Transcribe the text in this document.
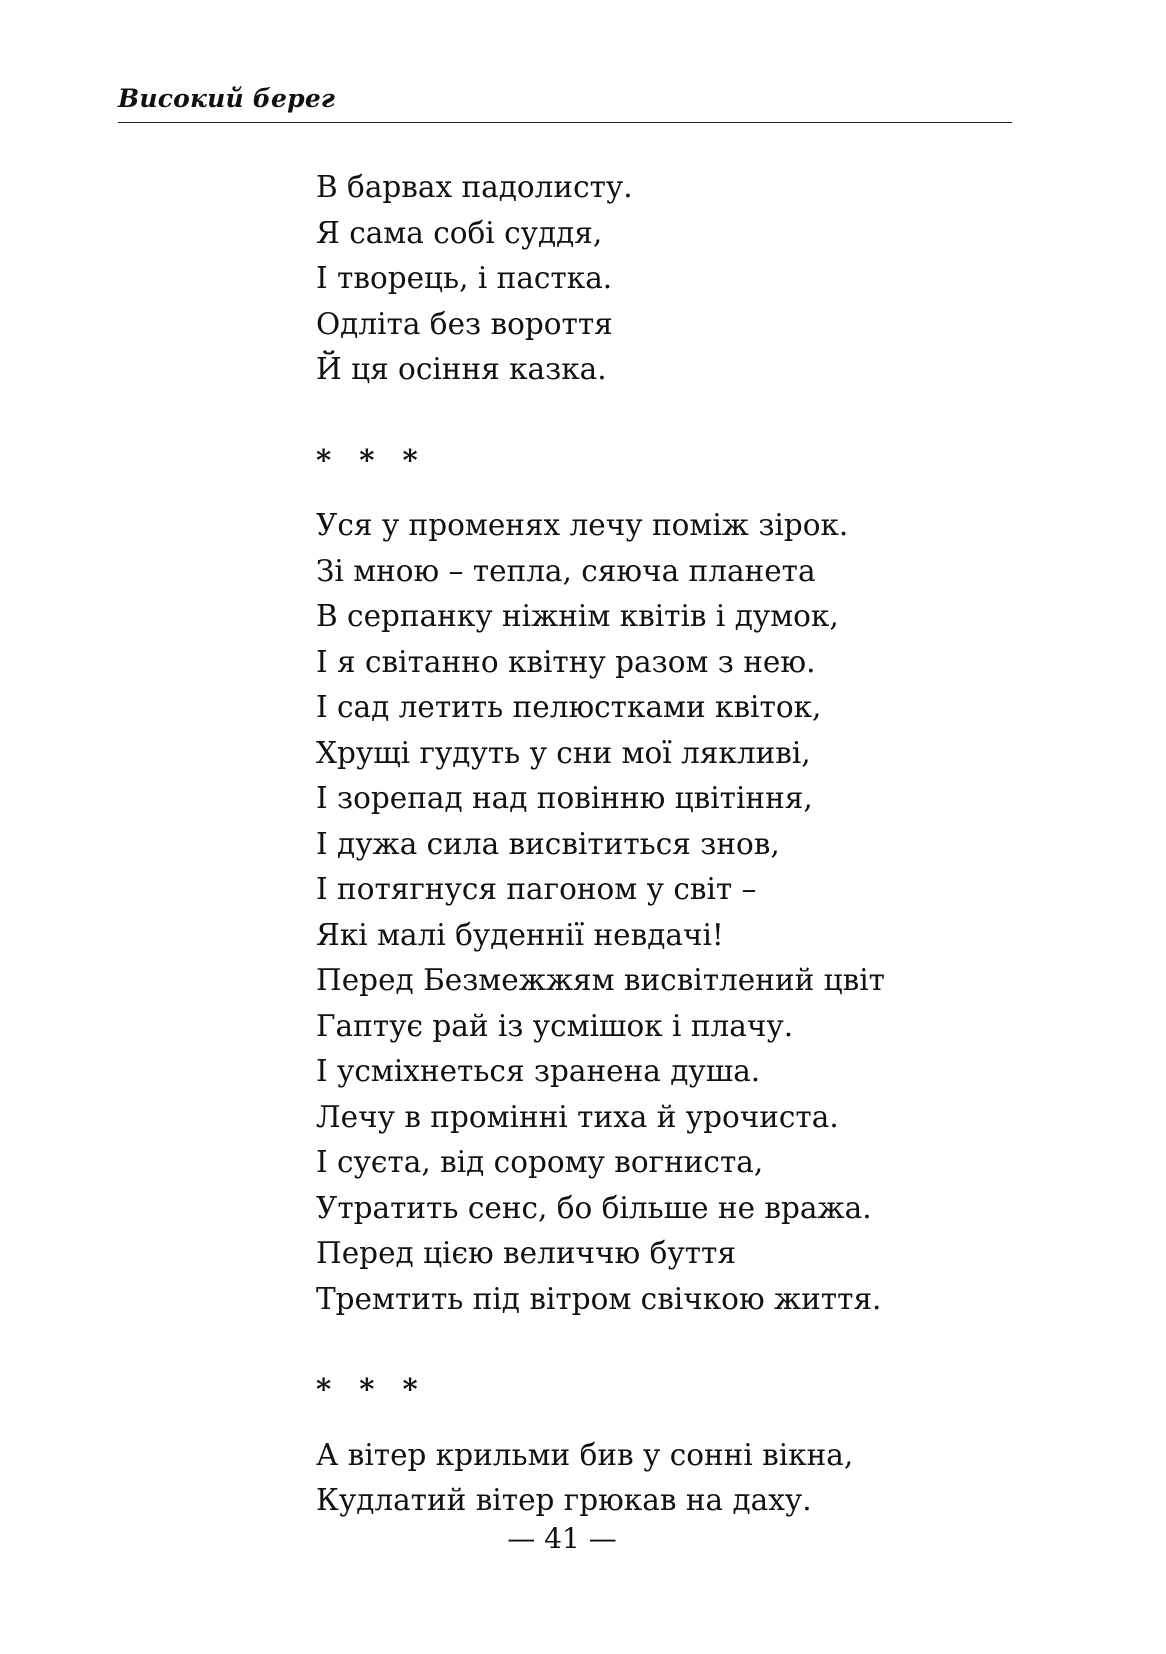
Високий берег
В барвах падолисту.
Я сама собі суддя,
І творець, і пастка.
Одліта без вороття
Й ця осіння казка.
* * *
Уся у променях лечу поміж зірок.
Зі мною – тепла, сяюча планета
В серпанку ніжнім квітів і думок,
І я світанно квітну разом з нею.
І сад летить пелюстками квіток,
Хрущі гудуть у сни мої лякливі,
І зорепад над повінню цвітіння,
І дужа сила висвітиться знов,
І потягнуся пагоном у світ –
Які малі буденнії невдачі!
Перед Безмежжям висвітлений цвіт
Гаптує рай із усмішок і плачу.
І усміхнеться зранена душа.
Лечу в промінні тиха й урочиста.
І суєта, від сорому вогниста,
Утратить сенс, бо більше не вража.
Перед цією величчю буття
Тремтить під вітром свічкою життя.
* * *
А вітер крильми бив у сонні вікна,
Кудлатий вітер грюкав на даху.
— 41 —
